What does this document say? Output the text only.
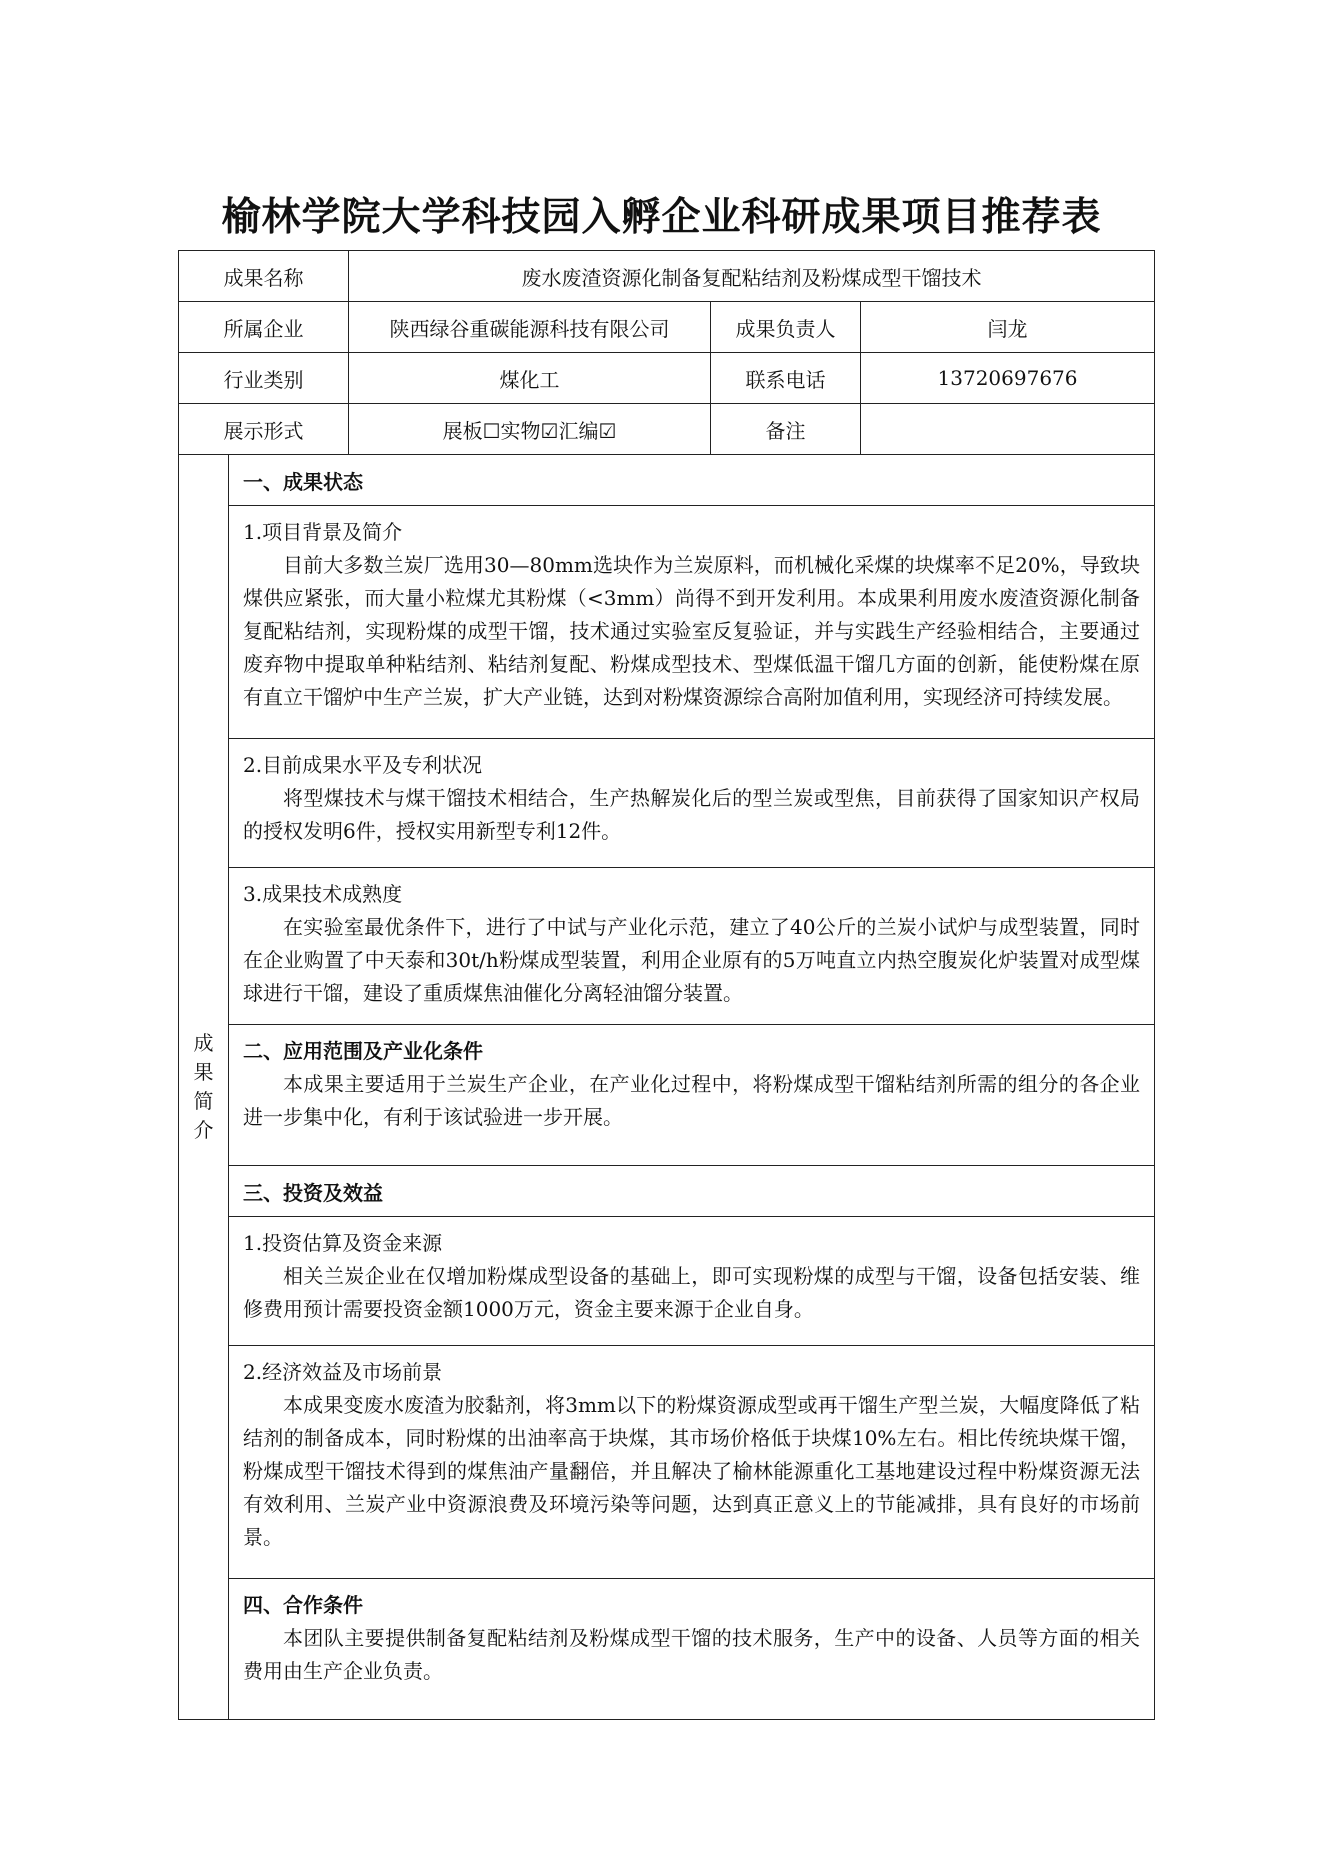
榆林学院大学科技园入孵企业科研成果项目推荐表
成果名称		废水废渣资源化制备复配粘结剂及粉煤成型干馏技术		
所属企业		陕西绿谷重碳能源科技有限公司	成果负责人	闫龙
行业类别		煤化工	联系电话	13720697676
展示形式		展板☐实物☑汇编☑	备注	
成
果
简
介	一、成果状态			

	1.项目背景及简介
目前大多数兰炭厂选用30—80mm选块作为兰炭原料，而机械化采煤的块煤率不足20%，导致块煤供应紧张，而大量小粒煤尤其粉煤（<3mm）尚得不到开发利用。本成果利用废水废渣资源化制备复配粘结剂，实现粉煤的成型干馏，技术通过实验室反复验证，并与实践生产经验相结合，主要通过废弃物中提取单种粘结剂、粘结剂复配、粉煤成型技术、型煤低温干馏几方面的创新，能使粉煤在原有直立干馏炉中生产兰炭，扩大产业链，达到对粉煤资源综合高附加值利用，实现经济可持续发展。			

	2.目前成果水平及专利状况
将型煤技术与煤干馏技术相结合，生产热解炭化后的型兰炭或型焦，目前获得了国家知识产权局的授权发明6件，授权实用新型专利12件。			

	3.成果技术成熟度
在实验室最优条件下，进行了中试与产业化示范，建立了40公斤的兰炭小试炉与成型装置，同时在企业购置了中天泰和30t/h粉煤成型装置，利用企业原有的5万吨直立内热空腹炭化炉装置对成型煤球进行干馏，建设了重质煤焦油催化分离轻油馏分装置。			

	二、应用范围及产业化条件
本成果主要适用于兰炭生产企业，在产业化过程中，将粉煤成型干馏粘结剂所需的组分的各企业进一步集中化，有利于该试验进一步开展。			

	三、投资及效益			

	1.投资估算及资金来源
相关兰炭企业在仅增加粉煤成型设备的基础上，即可实现粉煤的成型与干馏，设备包括安装、维修费用预计需要投资金额1000万元，资金主要来源于企业自身。			

	2.经济效益及市场前景
本成果变废水废渣为胶黏剂，将3mm以下的粉煤资源成型或再干馏生产型兰炭，大幅度降低了粘结剂的制备成本，同时粉煤的出油率高于块煤，其市场价格低于块煤10%左右。相比传统块煤干馏，粉煤成型干馏技术得到的煤焦油产量翻倍，并且解决了榆林能源重化工基地建设过程中粉煤资源无法有效利用、兰炭产业中资源浪费及环境污染等问题，达到真正意义上的节能减排，具有良好的市场前景。			

	四、合作条件
本团队主要提供制备复配粘结剂及粉煤成型干馏的技术服务，生产中的设备、人员等方面的相关费用由生产企业负责。			
